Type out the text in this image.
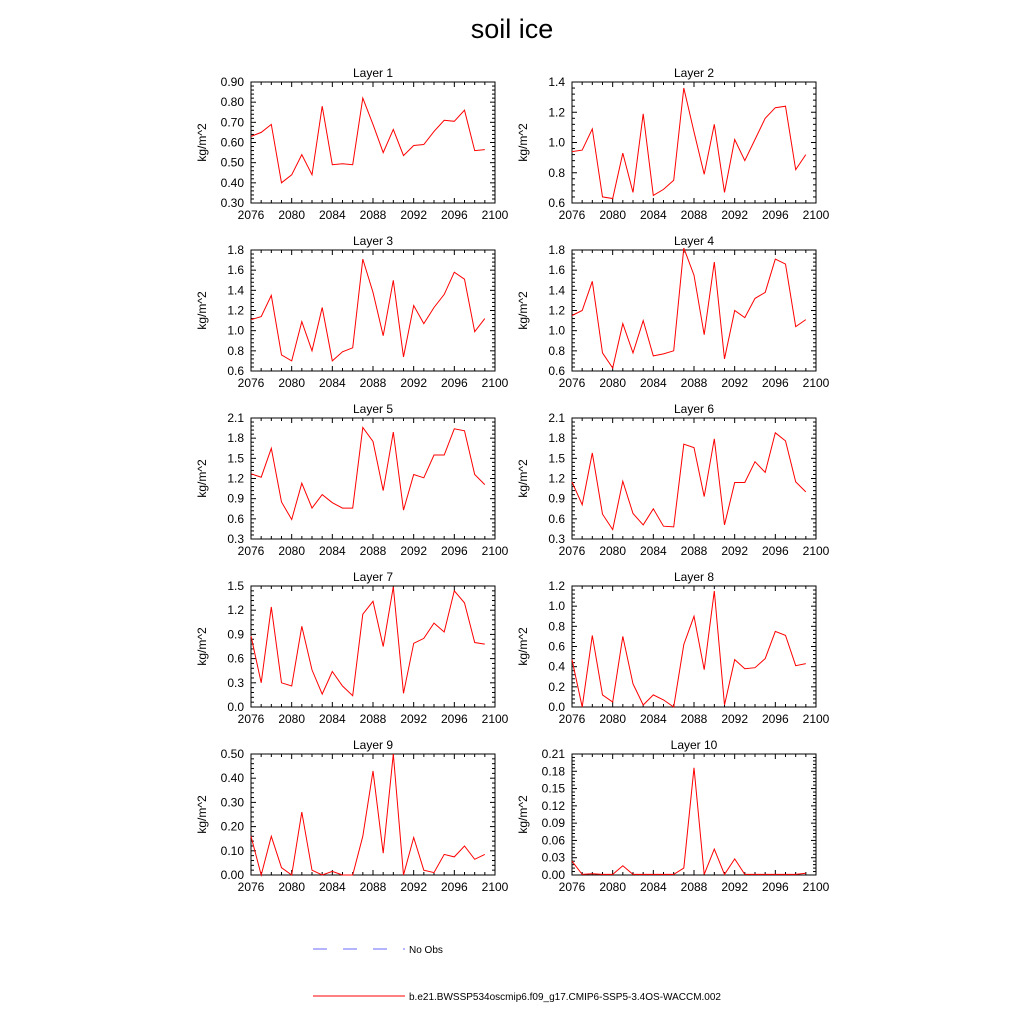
soil ice
Layer 1
kg/m^2
2076 2080 2084 2088 2092 2096 2100
0.30
0.40
0.50
0.60
0.70
0.80
0.90
Layer 2
kg/m^2
2076 2080 2084 2088 2092 2096 2100
0.6
0.8
1.0
1.2
1.4
Layer 3
kg/m^2
2076 2080 2084 2088 2092 2096 2100
0.6
0.8
1.0
1.2
1.4
1.6
1.8
Layer 4
kg/m^2
2076 2080 2084 2088 2092 2096 2100
0.6
0.8
1.0
1.2
1.4
1.6
1.8
Layer 5
kg/m^2
2076 2080 2084 2088 2092 2096 2100
0.3
0.6
0.9
1.2
1.5
1.8
2.1
Layer 6
kg/m^2
2076 2080 2084 2088 2092 2096 2100
0.3
0.6
0.9
1.2
1.5
1.8
2.1
Layer 7
kg/m^2
2076 2080 2084 2088 2092 2096 2100
0.0
0.3
0.6
0.9
1.2
1.5
Layer 8
kg/m^2
2076 2080 2084 2088 2092 2096 2100
0.0
0.2
0.4
0.6
0.8
1.0
1.2
Layer 9
kg/m^2
2076 2080 2084 2088 2092 2096 2100
0.00
0.10
0.20
0.30
0.40
0.50
Layer 10
kg/m^2
2076 2080 2084 2088 2092 2096 2100
0.00
0.03
0.06
0.09
0.12
0.15
0.18
0.21
No Obs
b.e21.BWSSP534oscmip6.f09_g17.CMIP6-SSP5-3.4OS-WACCM.002
